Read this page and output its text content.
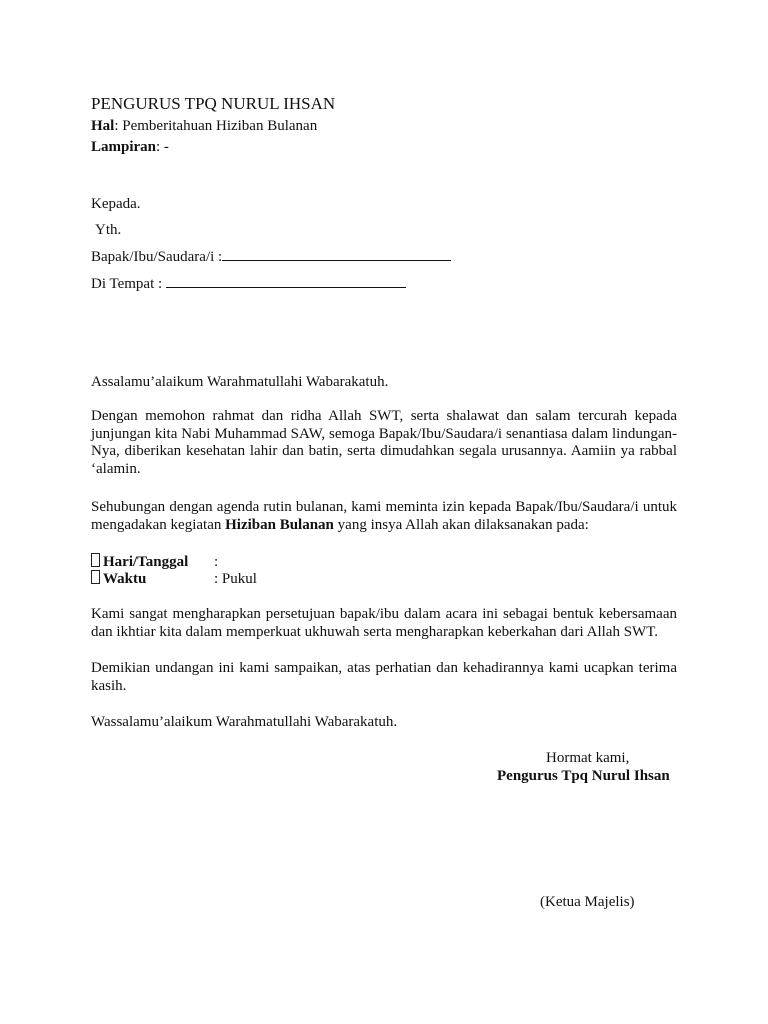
PENGURUS TPQ NURUL IHSAN
Hal: Pemberitahuan Hiziban Bulanan
Lampiran: -
Kepada.
Yth.
Bapak/Ibu/Saudara/i :
Di Tempat :
Assalamu’alaikum Warahmatullahi Wabarakatuh.
Dengan memohon rahmat dan ridha Allah SWT, serta shalawat dan salam tercurah kepada junjungan kita Nabi Muhammad SAW, semoga Bapak/Ibu/Saudara/i senantiasa dalam lindungan-Nya, diberikan kesehatan lahir dan batin, serta dimudahkan segala urusannya. Aamiin ya rabbal ‘alamin.
Sehubungan dengan agenda rutin bulanan, kami meminta izin kepada Bapak/Ibu/Saudara/i untuk mengadakan kegiatan Hiziban Bulanan yang insya Allah akan dilaksanakan pada:
Hari/Tanggal :
Waktu	: Pukul
Kami sangat mengharapkan persetujuan bapak/ibu dalam acara ini sebagai bentuk kebersamaan dan ikhtiar kita dalam memperkuat ukhuwah serta mengharapkan keberkahan dari Allah SWT.
Demikian undangan ini kami sampaikan, atas perhatian dan kehadirannya kami ucapkan terima kasih.
Wassalamu’alaikum Warahmatullahi Wabarakatuh.
Hormat kami,
Pengurus Tpq Nurul Ihsan
(Ketua Majelis)
